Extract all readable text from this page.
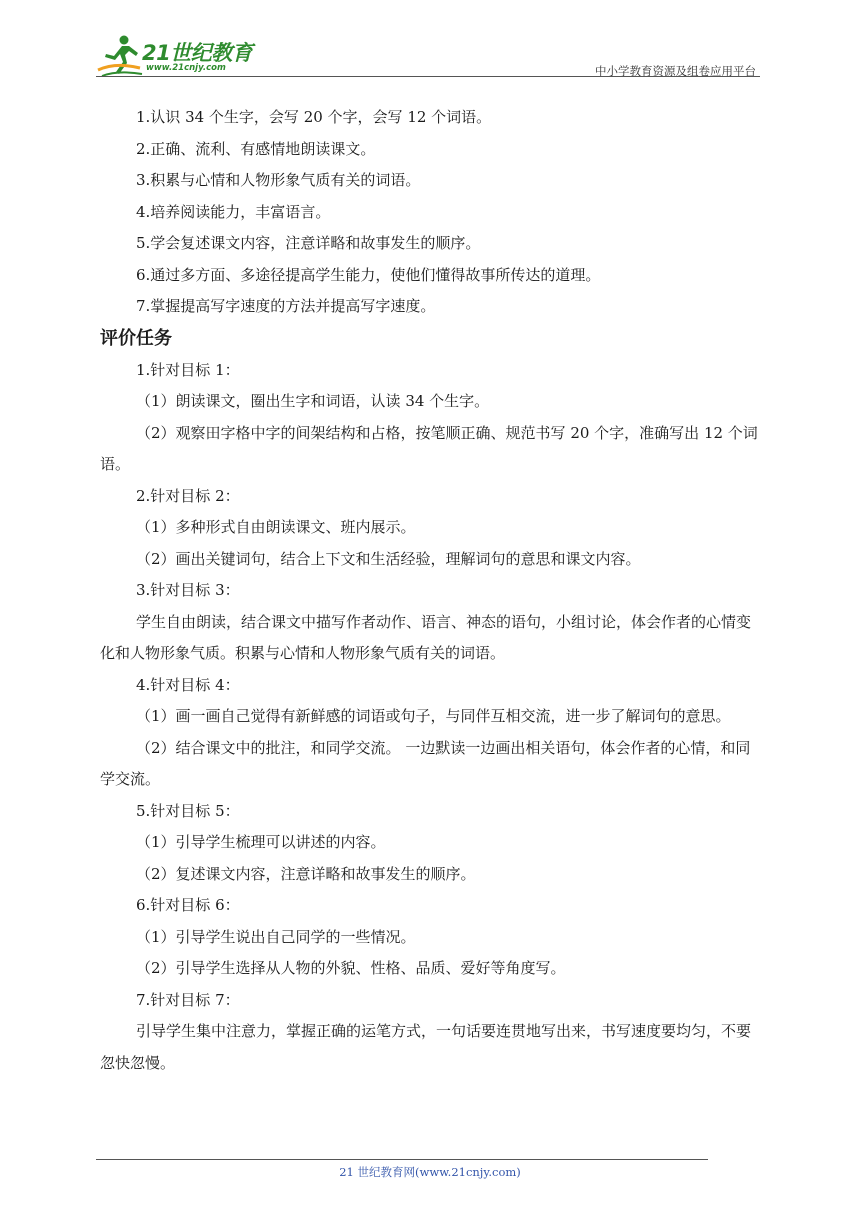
21世纪教育
www.21cnjy.com	中小学教育资源及组卷应用平台

1.认识 34 个生字，会写 20 个字，会写 12 个词语。

2.正确、流利、有感情地朗读课文。

3.积累与心情和人物形象气质有关的词语。

4.培养阅读能力，丰富语言。

5.学会复述课文内容，注意详略和故事发生的顺序。

6.通过多方面、多途径提高学生能力，使他们懂得故事所传达的道理。

7.掌握提高写字速度的方法并提高写字速度。

评价任务

1.针对目标 1：

（1）朗读课文，圈出生字和词语，认读 34 个生字。

（2）观察田字格中字的间架结构和占格，按笔顺正确、规范书写 20 个字，准确写出 12 个词语。

2.针对目标 2：

（1）多种形式自由朗读课文、班内展示。

（2）画出关键词句，结合上下文和生活经验，理解词句的意思和课文内容。

3.针对目标 3：

学生自由朗读，结合课文中描写作者动作、语言、神态的语句，小组讨论，体会作者的心情变化和人物形象气质。积累与心情和人物形象气质有关的词语。

4.针对目标 4：

（1）画一画自己觉得有新鲜感的词语或句子，与同伴互相交流，进一步了解词句的意思。

（2）结合课文中的批注，和同学交流。 一边默读一边画出相关语句，体会作者的心情，和同学交流。

5.针对目标 5：

（1）引导学生梳理可以讲述的内容。

（2）复述课文内容，注意详略和故事发生的顺序。

6.针对目标 6：

（1）引导学生说出自己同学的一些情况。

（2）引导学生选择从人物的外貌、性格、品质、爱好等角度写。

7.针对目标 7：

引导学生集中注意力，掌握正确的运笔方式，一句话要连贯地写出来，书写速度要均匀，不要忽快忽慢。

21 世纪教育网(www.21cnjy.com)
